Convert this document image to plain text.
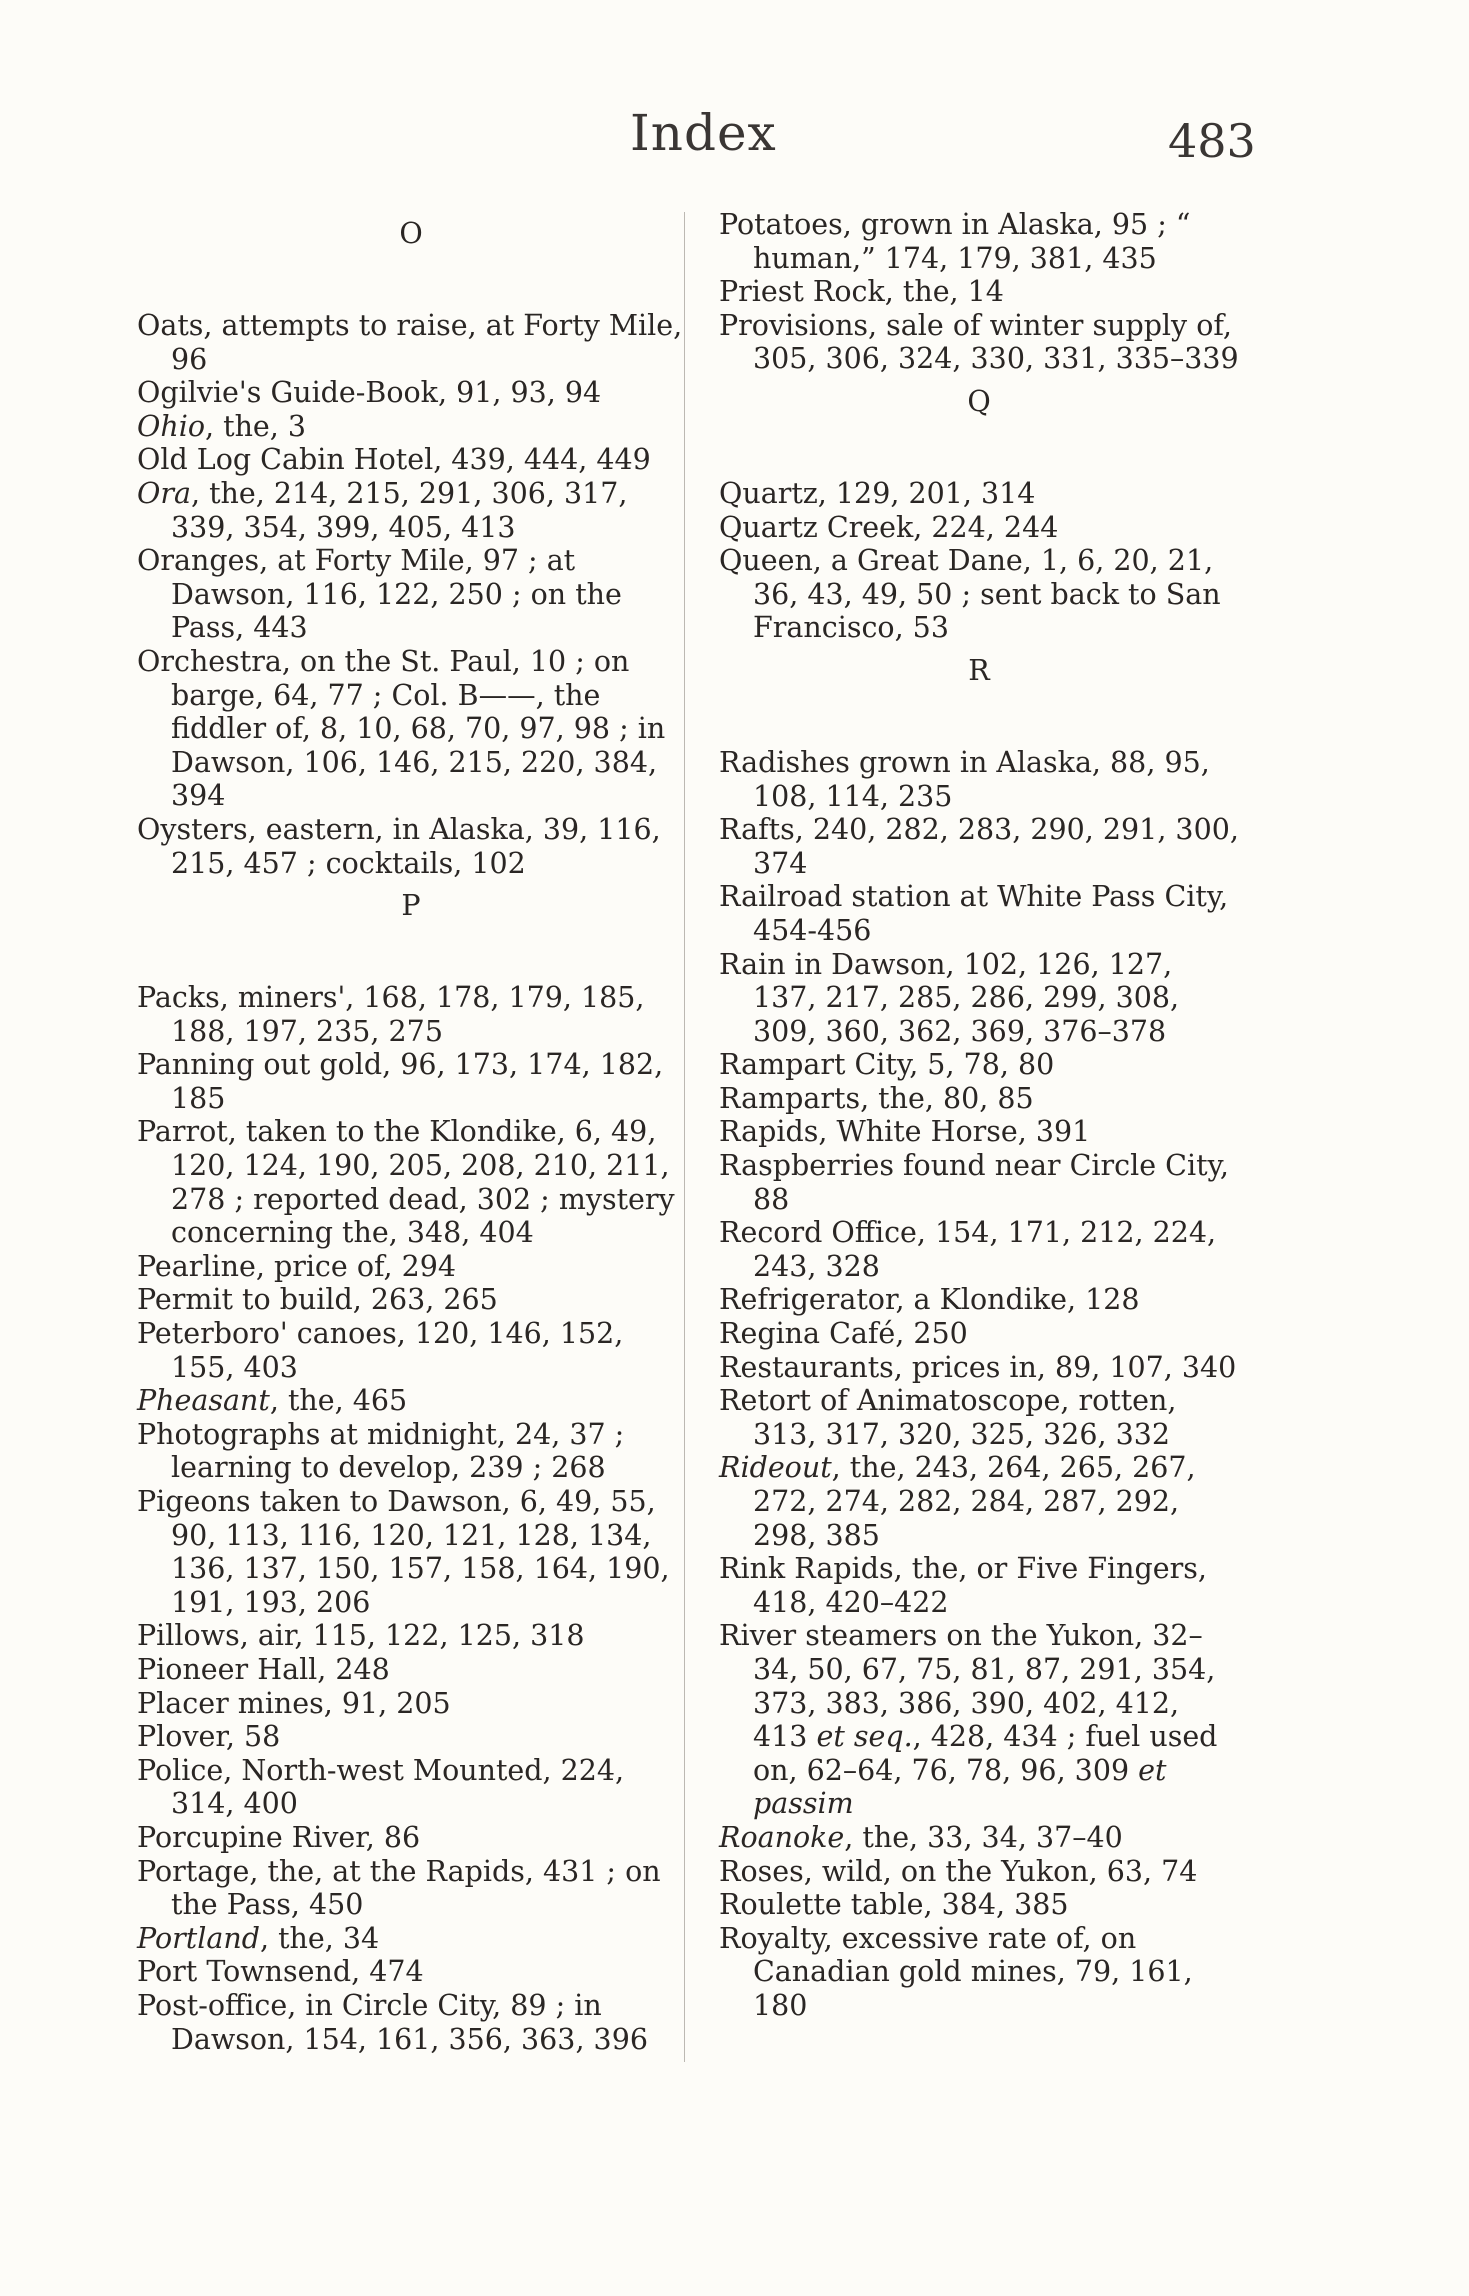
Index	483
O
Oats, attempts to raise, at Forty Mile, 96
Ogilvie's Guide-Book, 91, 93, 94
Ohio, the, 3
Old Log Cabin Hotel, 439, 444, 449
Ora, the, 214, 215, 291, 306, 317, 339, 354, 399, 405, 413
Oranges, at Forty Mile, 97 ; at Dawson, 116, 122, 250 ; on the Pass, 443
Orchestra, on the St. Paul, 10 ; on barge, 64, 77 ; Col. B——, the fiddler of, 8, 10, 68, 70, 97, 98 ; in Dawson, 106, 146, 215, 220, 384, 394
Oysters, eastern, in Alaska, 39, 116, 215, 457 ; cocktails, 102
P
Packs, miners', 168, 178, 179, 185, 188, 197, 235, 275
Panning out gold, 96, 173, 174, 182, 185
Parrot, taken to the Klondike, 6, 49, 120, 124, 190, 205, 208, 210, 211, 278 ; reported dead, 302 ; mystery concerning the, 348, 404
Pearline, price of, 294
Permit to build, 263, 265
Peterboro' canoes, 120, 146, 152, 155, 403
Pheasant, the, 465
Photographs at midnight, 24, 37 ; learning to develop, 239 ; 268
Pigeons taken to Dawson, 6, 49, 55, 90, 113, 116, 120, 121, 128, 134, 136, 137, 150, 157, 158, 164, 190, 191, 193, 206
Pillows, air, 115, 122, 125, 318
Pioneer Hall, 248
Placer mines, 91, 205
Plover, 58
Police, North-west Mounted, 224, 314, 400
Porcupine River, 86
Portage, the, at the Rapids, 431 ; on the Pass, 450
Portland, the, 34
Port Townsend, 474
Post-office, in Circle City, 89 ; in Dawson, 154, 161, 356, 363, 396
Potatoes, grown in Alaska, 95 ; “ human,” 174, 179, 381, 435
Priest Rock, the, 14
Provisions, sale of winter supply of, 305, 306, 324, 330, 331, 335–339
Q
Quartz, 129, 201, 314
Quartz Creek, 224, 244
Queen, a Great Dane, 1, 6, 20, 21, 36, 43, 49, 50 ; sent back to San Francisco, 53
R
Radishes grown in Alaska, 88, 95, 108, 114, 235
Rafts, 240, 282, 283, 290, 291, 300, 374
Railroad station at White Pass City, 454-456
Rain in Dawson, 102, 126, 127, 137, 217, 285, 286, 299, 308, 309, 360, 362, 369, 376–378
Rampart City, 5, 78, 80
Ramparts, the, 80, 85
Rapids, White Horse, 391
Raspberries found near Circle City, 88
Record Office, 154, 171, 212, 224, 243, 328
Refrigerator, a Klondike, 128
Regina Café, 250
Restaurants, prices in, 89, 107, 340
Retort of Animatoscope, rotten, 313, 317, 320, 325, 326, 332
Rideout, the, 243, 264, 265, 267, 272, 274, 282, 284, 287, 292, 298, 385
Rink Rapids, the, or Five Fingers, 418, 420–422
River steamers on the Yukon, 32–34, 50, 67, 75, 81, 87, 291, 354, 373, 383, 386, 390, 402, 412, 413 et seq., 428, 434 ; fuel used on, 62–64, 76, 78, 96, 309 et passim
Roanoke, the, 33, 34, 37–40
Roses, wild, on the Yukon, 63, 74
Roulette table, 384, 385
Royalty, excessive rate of, on Canadian gold mines, 79, 161, 180
